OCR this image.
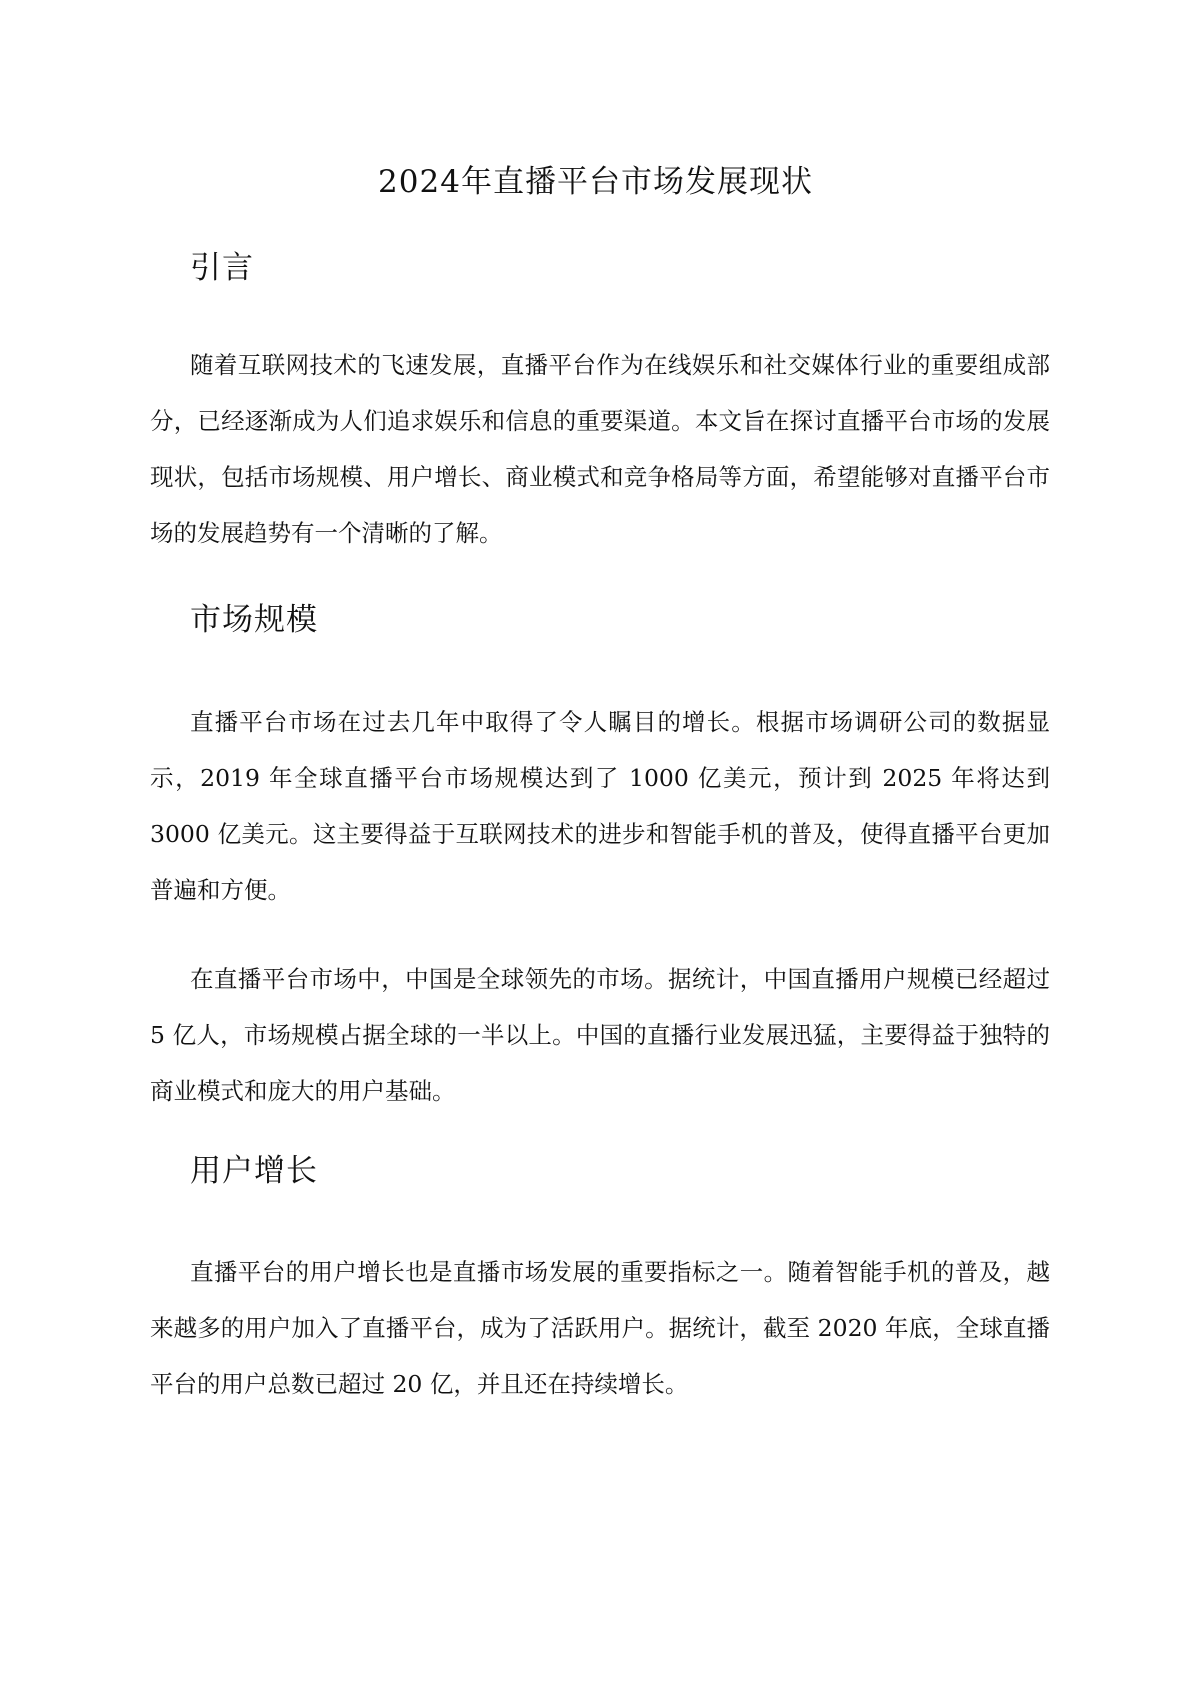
2024年直播平台市场发展现状
引言

随着互联网技术的飞速发展，直播平台作为在线娱乐和社交媒体行业的重要组成部分，已经逐渐成为人们追求娱乐和信息的重要渠道。本文旨在探讨直播平台市场的发展现状，包括市场规模、用户增长、商业模式和竞争格局等方面，希望能够对直播平台市场的发展趋势有一个清晰的了解。

市场规模

直播平台市场在过去几年中取得了令人瞩目的增长。根据市场调研公司的数据显示，2019 年全球直播平台市场规模达到了 1000 亿美元，预计到 2025 年将达到 3000 亿美元。这主要得益于互联网技术的进步和智能手机的普及，使得直播平台更加普遍和方便。

在直播平台市场中，中国是全球领先的市场。据统计，中国直播用户规模已经超过 5 亿人，市场规模占据全球的一半以上。中国的直播行业发展迅猛，主要得益于独特的商业模式和庞大的用户基础。

用户增长

直播平台的用户增长也是直播市场发展的重要指标之一。随着智能手机的普及，越来越多的用户加入了直播平台，成为了活跃用户。据统计，截至 2020 年底，全球直播平台的用户总数已超过 20 亿，并且还在持续增长。
